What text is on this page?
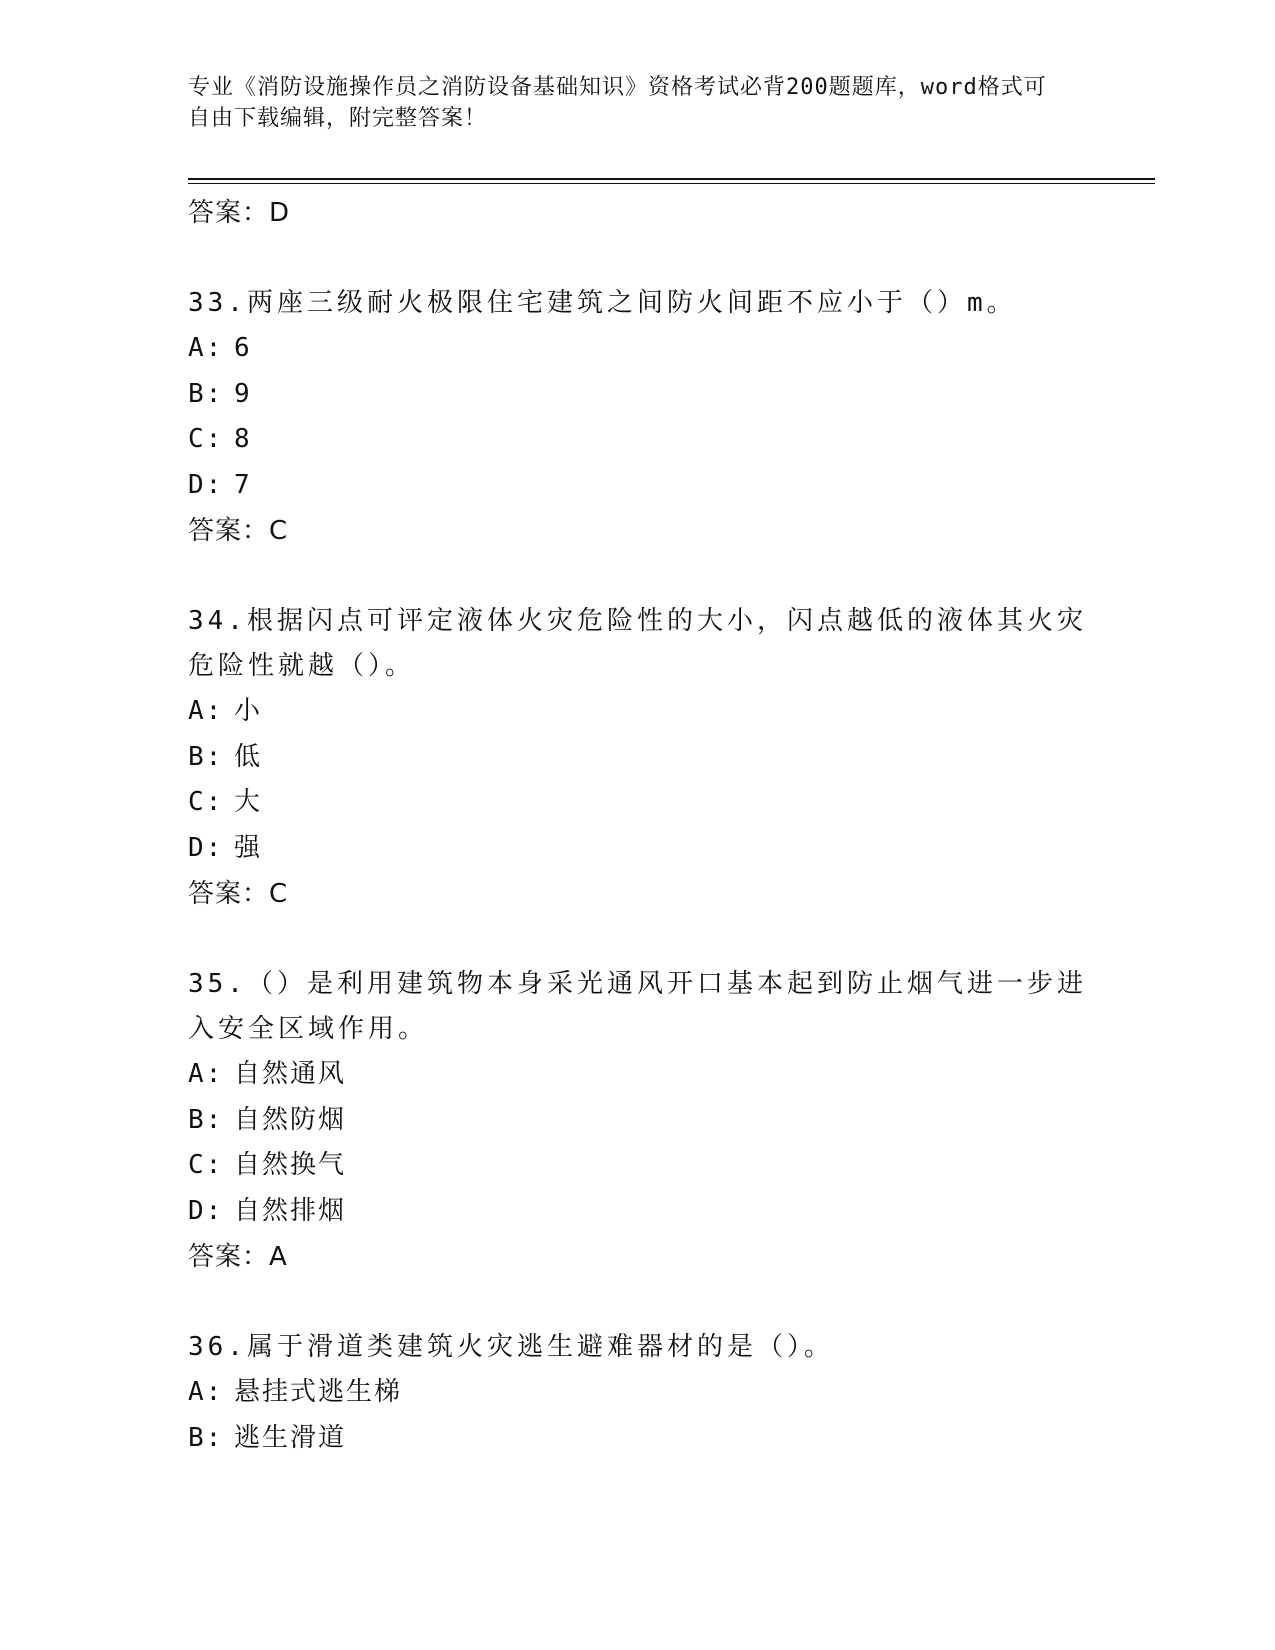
专业《消防设施操作员之消防设备基础知识》资格考试必背200题题库，word格式可自由下载编辑，附完整答案！
答案：D
33.两座三级耐火极限住宅建筑之间防火间距不应小于（）m。
A: 6
B: 9
C: 8
D: 7
答案：C
34.根据闪点可评定液体火灾危险性的大小，闪点越低的液体其火灾危险性就越（）。
A: 小
B: 低
C: 大
D: 强
答案：C
35.（）是利用建筑物本身采光通风开口基本起到防止烟气进一步进入安全区域作用。
A: 自然通风
B: 自然防烟
C: 自然换气
D: 自然排烟
答案：A
36.属于滑道类建筑火灾逃生避难器材的是（）。
A: 悬挂式逃生梯
B: 逃生滑道
